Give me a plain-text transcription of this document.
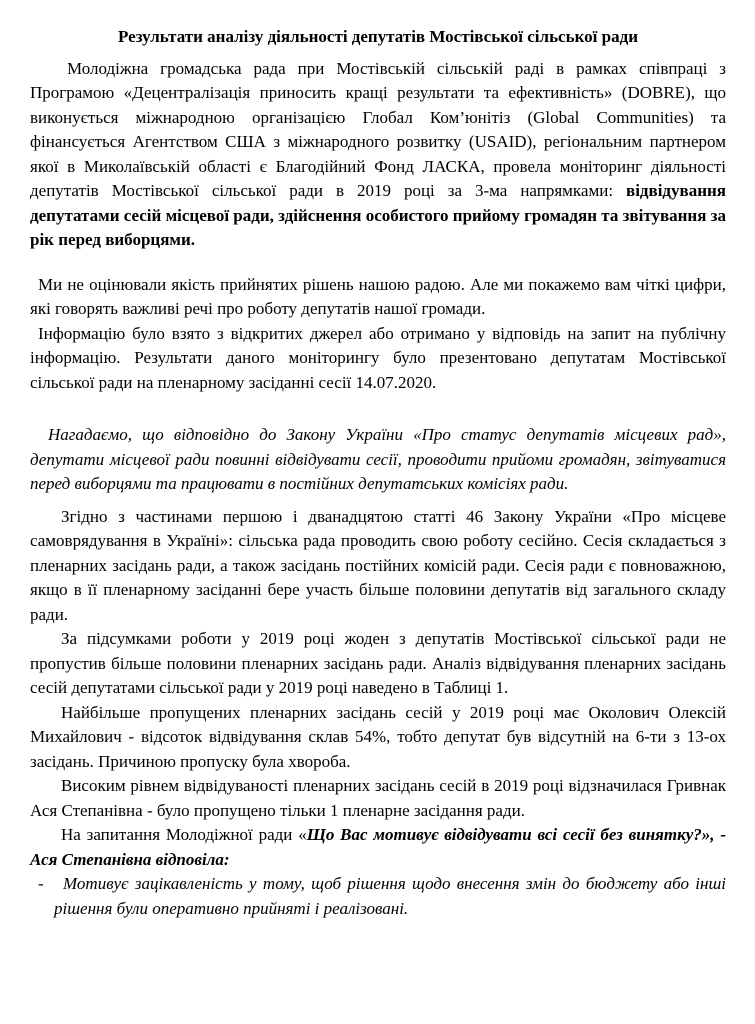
Результати аналізу діяльності депутатів Мостівської сільської ради

Молодіжна громадська рада при Мостівській сільській раді в рамках співпраці з Програмою «Децентралізація приносить кращі результати та ефективність» (DOBRE), що виконується міжнародною організацією Глобал Ком’юнітіз (Global Communities) та фінансується Агентством США з міжнародного розвитку (USAID), регіональним партнером якої в Миколаївській області є Благодійний Фонд ЛАСКА, провела моніторинг діяльності депутатів Мостівської сільської ради в 2019 році за 3-ма напрямками: відвідування депутатами сесій місцевої ради, здійснення особистого прийому громадян та звітування за рік перед виборцями.

Ми не оцінювали якість прийнятих рішень нашою радою. Але ми покажемо вам чіткі цифри, які говорять важливі речі про роботу депутатів нашої громади.

Інформацію було взято з відкритих джерел або отримано у відповідь на запит на публічну інформацію. Результати даного моніторингу було презентовано депутатам Мостівської сільської ради на пленарному засіданні сесії 14.07.2020.

Нагадаємо, що відповідно до Закону України «Про статус депутатів місцевих рад», депутати місцевої ради повинні відвідувати сесії, проводити прийоми громадян, звітуватися перед виборцями та працювати в постійних депутатських комісіях ради.

Згідно з частинами першою і дванадцятою статті 46 Закону України «Про місцеве самоврядування в Україні»: сільська рада проводить свою роботу сесійно. Сесія складається з пленарних засідань ради, а також засідань постійних комісій ради. Сесія ради є повноважною, якщо в її пленарному засіданні бере участь більше половини депутатів від загального складу ради.

За підсумками роботи у 2019 році жоден з депутатів Мостівської сільської ради не пропустив більше половини пленарних засідань ради. Аналіз відвідування пленарних засідань сесій депутатами сільської ради у 2019 році наведено в Таблиці 1.

Найбільше пропущених пленарних засідань сесій у 2019 році має Околович Олексій Михайлович - відсоток відвідування склав 54%, тобто депутат був відсутній на 6-ти з 13-ох засідань. Причиною пропуску була хвороба.

Високим рівнем відвідуваності пленарних засідань сесій в 2019 році відзначилася Гривнак Ася Степанівна - було пропущено тільки 1 пленарне засідання ради.

На запитання Молодіжної ради «Що Вас мотивує відвідувати всі сесії без винятку?», - Ася Степанівна відповіла:

-	Мотивує зацікавленість у тому, щоб рішення щодо внесення змін до бюджету або інші рішення були оперативно прийняті і реалізовані.
